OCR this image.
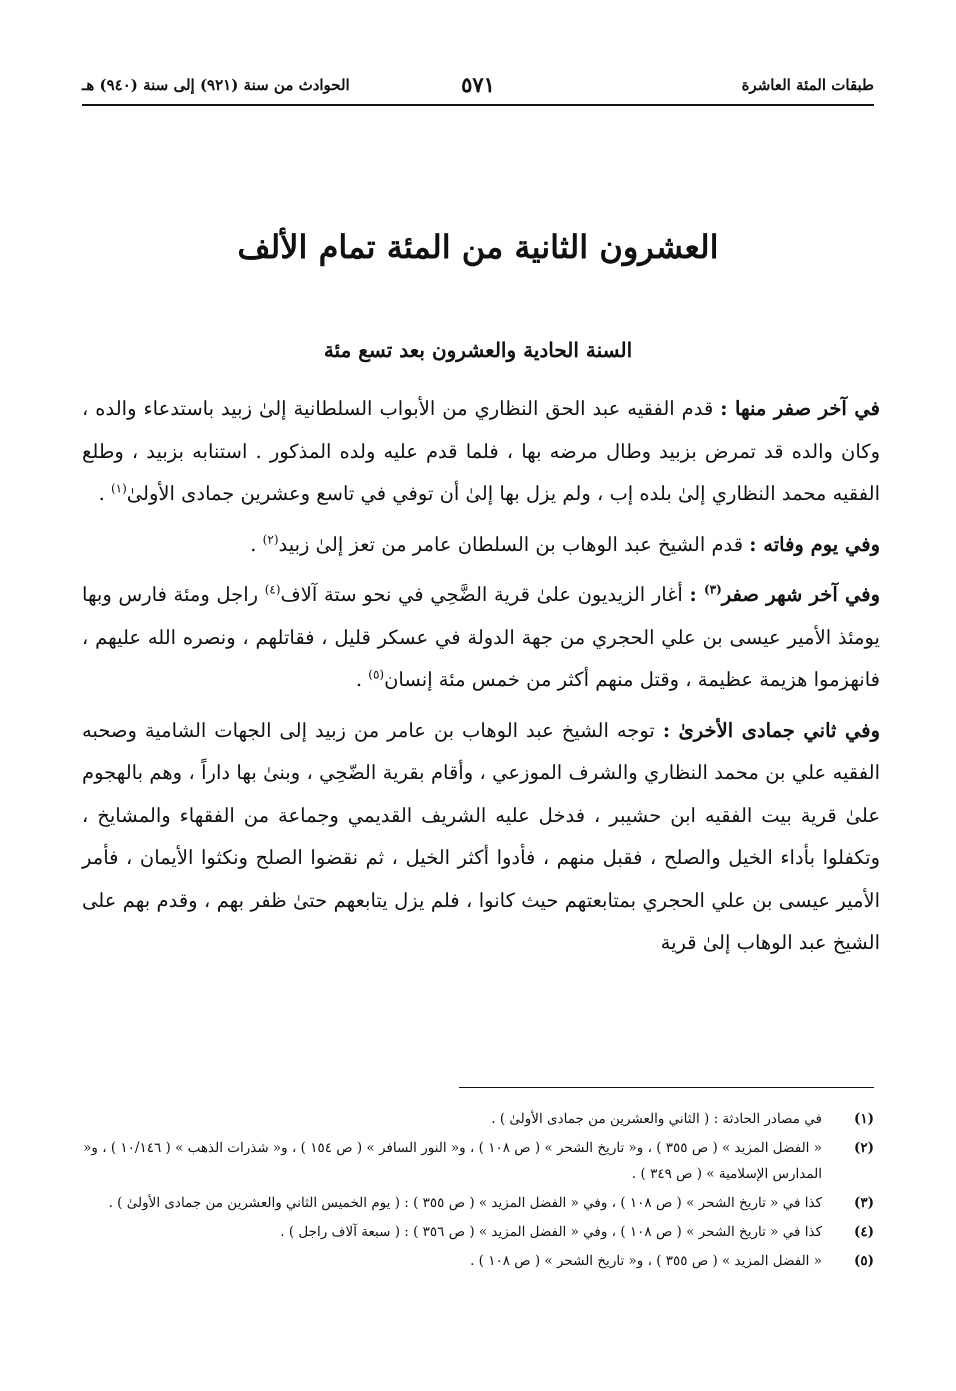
طبقات المئة العاشرة
٥٧١
الحوادث من سنة (٩٢١) إلى سنة (٩٤٠) هـ
العشرون الثانية من المئة تمام الألف
السنة الحادية والعشرون بعد تسع مئة

في آخر صفر منها : قدم الفقيه عبد الحق النظاري من الأبواب السلطانية إلىٰ زبيد باستدعاء والده ، وكان والده قد تمرض بزبيد وطال مرضه بها ، فلما قدم عليه ولده المذكور . استنابه بزبيد ، وطلع الفقيه محمد النظاري إلىٰ بلده إب ، ولم يزل بها إلىٰ أن توفي في تاسع وعشرين جمادى الأولىٰ$^{(١)}$ .

وفي يوم وفاته : قدم الشيخ عبد الوهاب بن السلطان عامر من تعز إلىٰ زبيد$^{(٢)}$ .

وفي آخر شهر صفر$^{(٣)}$ : أغار الزيديون علىٰ قرية الضَّحِي في نحو ستة آلاف$^{(٤)}$ راجل ومئة فارس وبها يومئذ الأمير عيسى بن علي الحجري من جهة الدولة في عسكر قليل ، فقاتلهم ، ونصره الله عليهم ، فانهزموا هزيمة عظيمة ، وقتل منهم أكثر من خمس مئة إنسان$^{(٥)}$ .

وفي ثاني جمادى الأخرىٰ : توجه الشيخ عبد الوهاب بن عامر من زبيد إلى الجهات الشامية وصحبه الفقيه علي بن محمد النظاري والشرف الموزعي ، وأقام بقرية الضّحِي ، وبنىٰ بها داراً ، وهم بالهجوم علىٰ قرية بيت الفقيه ابن حشيبر ، فدخل عليه الشريف القديمي وجماعة من الفقهاء والمشايخ ، وتكفلوا بأداء الخيل والصلح ، فقبل منهم ، فأدوا أكثر الخيل ، ثم نقضوا الصلح ونكثوا الأيمان ، فأمر الأمير عيسى بن علي الحجري بمتابعتهم حيث كانوا ، فلم يزل يتابعهم حتىٰ ظفر بهم ، وقدم بهم على الشيخ عبد الوهاب إلىٰ قرية

(١)
في مصادر الحادثة : ( الثاني والعشرين من جمادى الأولىٰ ) .
(٢)
« الفضل المزيد » ( ص ٣٥٥ ) ، و« تاريخ الشحر » ( ص ١٠٨ ) ، و« النور السافر » ( ص ١٥٤ ) ، و« شذرات الذهب » ( ١٠/١٤٦ ) ، و« المدارس الإسلامية » ( ص ٣٤٩ ) .
(٣)
كذا في « تاريخ الشحر » ( ص ١٠٨ ) ، وفي « الفضل المزيد » ( ص ٣٥٥ ) : ( يوم الخميس الثاني والعشرين من جمادى الأولىٰ ) .
(٤)
كذا في « تاريخ الشحر » ( ص ١٠٨ ) ، وفي « الفضل المزيد » ( ص ٣٥٦ ) : ( سبعة آلاف راجل ) .
(٥)
« الفضل المزيد » ( ص ٣٥٥ ) ، و« تاريخ الشحر » ( ص ١٠٨ ) .
